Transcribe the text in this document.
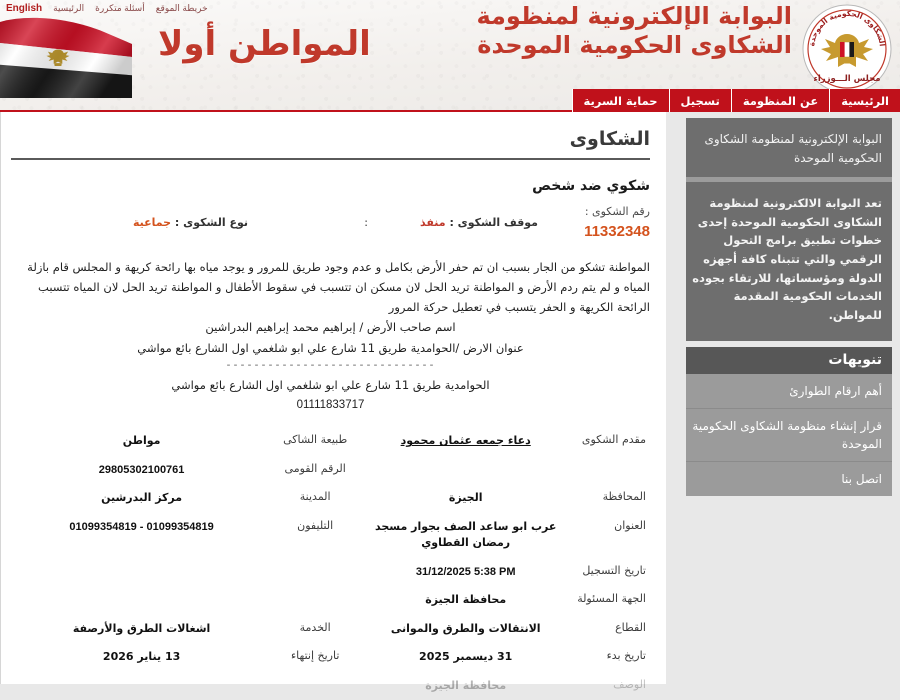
خريطة الموقع
أسئلة متكررة
الرئيسية
English
المواطن أولا
البوابة الإلكترونية لمنظومة
الشكاوى الحكومية الموحدة الشكاوى الحكومية الموحدة
مجلس الـــوزراء
الرئيسية
عن المنظومة
تسجيل
حماية السرية
البوابة الإلكترونية لمنظومة الشكاوى الحكومية الموحدة
تعد البوابة الالكترونية لمنظومة الشكاوى الحكومية الموحدة إحدى خطوات تطبيق برامج التحول الرقمي والتي تتبناه كافة أجهزه الدولة ومؤسساتها، للارتقاء بجوده الخدمات الحكومية المقدمة للمواطن.
تنويهات
أهم ارقام الطوارئ
قرار إنشاء منظومة الشكاوى الحكومية الموحدة
اتصل بنا
الشكاوى
شكوي ضد شخص
رقم الشكوى :
11332348
موقف الشكوى : منفذ
:
نوع الشكوى : جماعية

المواطنة تشكو من الجار بسبب ان تم حفر الأرض بكامل و عدم وجود طريق للمرور و يوجد مياه بها رائحة كريهة و المجلس قام بازلة المياه و لم يتم ردم الأرض و المواطنة تريد الحل لان مسكن ان تتسبب في سقوط الأطفال و المواطنة تريد الحل لان المياه تتسبب الرائحة الكريهة و الحفر يتسبب في تعطيل حركة المرور

اسم صاحب الأرض / إبراهيم محمد إبراهيم البدراشين

عنوان الارض /الحوامدية طريق 11 شارع علي ابو شلغمي اول الشارع بائع مواشي

------------------------------

الحوامدية طريق 11 شارع علي ابو شلغمي اول الشارع بائع مواشي

01111833717

مقدم الشكوى	دعاء جمعه عثمان محمود	طبيعة الشاكى	مواطن
		الرقم القومى	29805302100761
المحافظة	الجيزة	المدينة	مركز البدرشين
العنوان	عرب ابو ساعد الصف بجوار مسجد رمضان القطاوي	التليفون	01099354819 - 01099354819
تاريخ التسجيل	31/12/2025 5:38 PM		
الجهة المسئولة	محافظة الجيزة		
القطاع	الانتقالات والطرق والموانى	الخدمة	اشغالات الطرق والأرصفة
تاريخ بدء	31 ديسمبر 2025	تاريخ إنتهاء	13 يناير 2026
الوصف	محافظة الجيزة		
